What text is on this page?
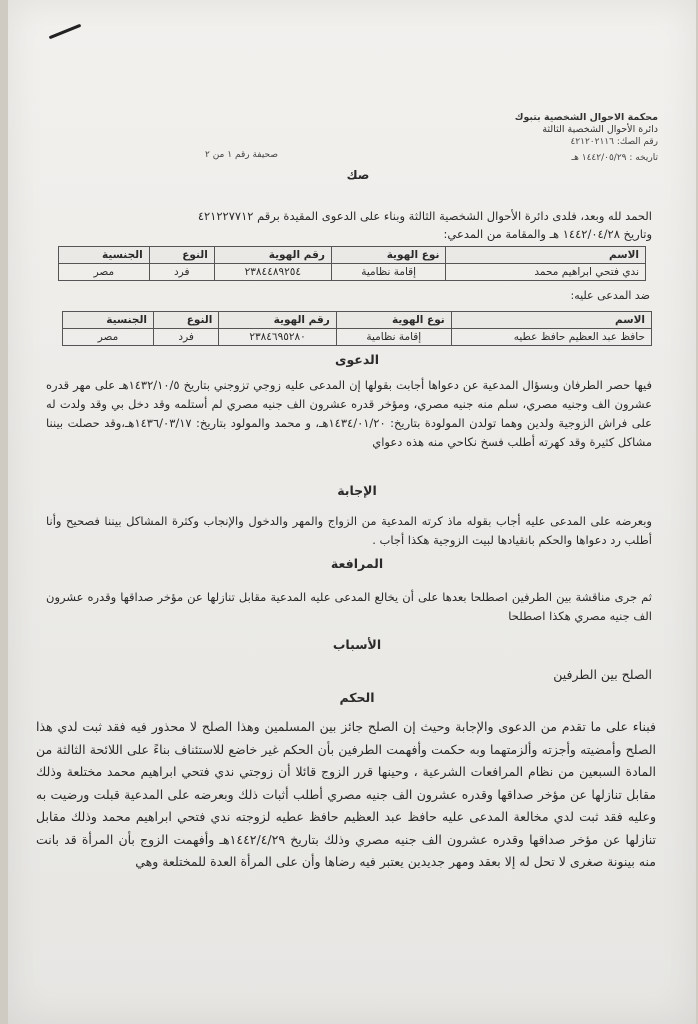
محكمة الاحوال الشخصية بتبوك
دائرة الأحوال الشخصية الثالثة
رقم الصك: ٤٢١٢٠٢١١٦
تاريخه : ١٤٤٢/٠٥/٢٩ هـ
صحيفة رقم ١ من ٢
صك
الحمد لله وبعد، فلدى دائرة الأحوال الشخصية الثالثة وبناء على الدعوى المقيدة برقم ٤٢١٢٢٧٧١٢
وتاريخ ١٤٤٢/٠٤/٢٨ هـ والمقامة من المدعي:
الاسم	نوع الهوية	رقم الهوية	النوع	الجنسية
ندي فتحي ابراهيم محمد	إقامة نظامية	٢٣٨٤٤٨٩٢٥٤	فرد	مصر
ضد المدعى عليه:
الاسم	نوع الهوية	رقم الهوية	النوع	الجنسية
حافظ عبد العظيم حافظ عطيه	إقامة نظامية	٢٣٨٤٦٩٥٢٨٠	فرد	مصر
الدعوى
فيها حصر الطرفان وبسؤال المدعية عن دعواها أجابت بقولها إن المدعى عليه زوجي تزوجني بتاريخ ١٤٣٢/١٠/٥هـ على مهر قدره عشرون الف وجنيه مصري، سلم منه جنيه مصري، ومؤخر قدره عشرون الف جنيه مصري لم أستلمه وقد دخل بي وقد ولدت له على فراش الزوجية ولدين وهما تولدن المولودة بتاريخ: ١٤٣٤/٠١/٢٠هـ، و محمد والمولود بتاريخ: ١٤٣٦/٠٣/١٧هـ،وقد حصلت بيننا مشاكل كثيرة وقد كهرته أطلب فسخ نكاحي منه هذه دعواي
الإجابة
وبعرضه على المدعى عليه أجاب بقوله ماذ كرته المدعية من الزواج والمهر والدخول والإنجاب وكثرة المشاكل بيننا فصحيح وأنا أطلب رد دعواها والحكم بانقيادها لبيت الزوجية هكذا أجاب .
المرافعة
ثم جرى مناقشة بين الطرفين اصطلحا بعدها على أن يخالع المدعى عليه المدعية مقابل تنازلها عن مؤخر صداقها وقدره عشرون الف جنيه مصري هكذا اصطلحا
الأسباب
الصلح بين الطرفين
الحكم
فبناء على ما تقدم من الدعوى والإجابة وحيث إن الصلح جائز بين المسلمين وهذا الصلح لا محذور فيه فقد ثبت لدي هذا الصلح وأمضيته وأجزته وألزمتهما وبه حكمت وأفهمت الطرفين بأن الحكم غير خاضع للاستئناف بناءً على اللائحة الثالثة من المادة السبعين من نظام المرافعات الشرعية ، وحينها قرر الزوج قائلا أن زوجتي ندي فتحي ابراهيم محمد مختلعة وذلك مقابل تنازلها عن مؤخر صداقها وقدره عشرون الف جنيه مصري أطلب أثبات ذلك وبعرضه على المدعية قبلت ورضيت به وعليه فقد ثبت لدي مخالعة المدعى عليه حافظ عبد العظيم حافظ عطيه لزوجته ندي فتحي ابراهيم محمد وذلك مقابل تنازلها عن مؤخر صداقها وقدره عشرون الف جنيه مصري وذلك بتاريخ ١٤٤٢/٤/٢٩هـ وأفهمت الزوج بأن المرأة قد بانت منه بينونة صغرى لا تحل له إلا بعقد ومهر جديدين يعتبر فيه رضاها وأن على المرأة العدة للمختلعة وهي
